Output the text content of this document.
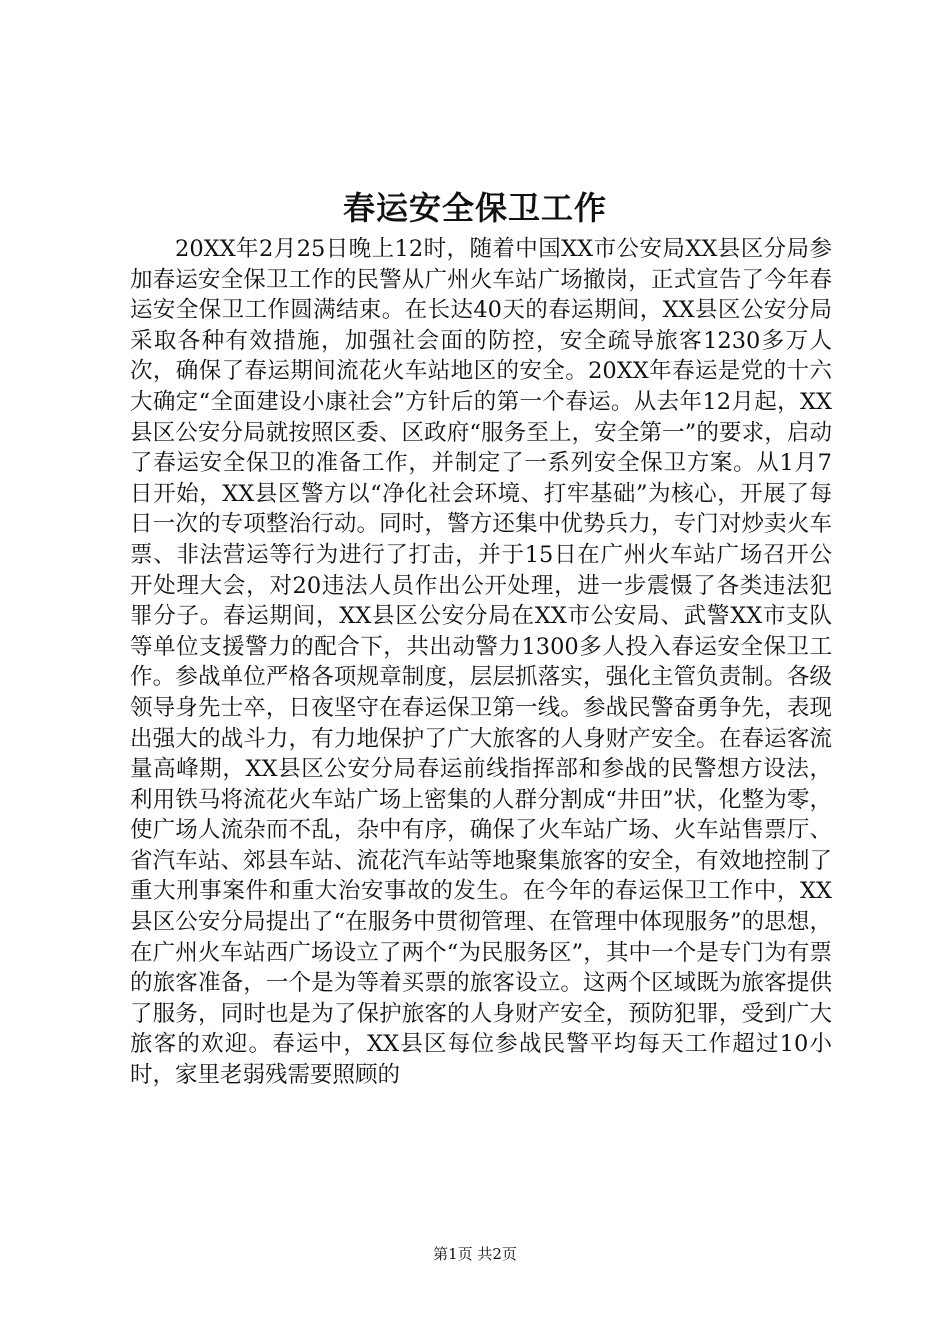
春运安全保卫工作

20XX年2月25日晚上12时，随着中国XX市公安局XX县区分局参加春运安全保卫工作的民警从广州火车站广场撤岗，正式宣告了今年春运安全保卫工作圆满结束。在长达40天的春运期间，XX县区公安分局采取各种有效措施，加强社会面的防控，安全疏导旅客1230多万人次，确保了春运期间流花火车站地区的安全。20XX年春运是党的十六大确定“全面建设小康社会”方针后的第一个春运。从去年12月起，XX县区公安分局就按照区委、区政府“服务至上，安全第一”的要求，启动了春运安全保卫的准备工作，并制定了一系列安全保卫方案。从1月7日开始，XX县区警方以“净化社会环境、打牢基础”为核心，开展了每日一次的专项整治行动。同时，警方还集中优势兵力，专门对炒卖火车票、非法营运等行为进行了打击，并于15日在广州火车站广场召开公开处理大会，对20违法人员作出公开处理，进一步震慑了各类违法犯罪分子。春运期间，XX县区公安分局在XX市公安局、武警XX市支队等单位支援警力的配合下，共出动警力1300多人投入春运安全保卫工作。参战单位严格各项规章制度，层层抓落实，强化主管负责制。各级领导身先士卒，日夜坚守在春运保卫第一线。参战民警奋勇争先，表现出强大的战斗力，有力地保护了广大旅客的人身财产安全。在春运客流量高峰期，XX县区公安分局春运前线指挥部和参战的民警想方设法，利用铁马将流花火车站广场上密集的人群分割成“井田”状，化整为零，使广场人流杂而不乱，杂中有序，确保了火车站广场、火车站售票厅、省汽车站、郊县车站、流花汽车站等地聚集旅客的安全，有效地控制了重大刑事案件和重大治安事故的发生。在今年的春运保卫工作中，XX县区公安分局提出了“在服务中贯彻管理、在管理中体现服务”的思想，在广州火车站西广场设立了两个“为民服务区”，其中一个是专门为有票的旅客准备，一个是为等着买票的旅客设立。这两个区域既为旅客提供了服务，同时也是为了保护旅客的人身财产安全，预防犯罪，受到广大旅客的欢迎。春运中，XX县区每位参战民警平均每天工作超过10小时，家里老弱残需要照顾的

第1页 共2页
